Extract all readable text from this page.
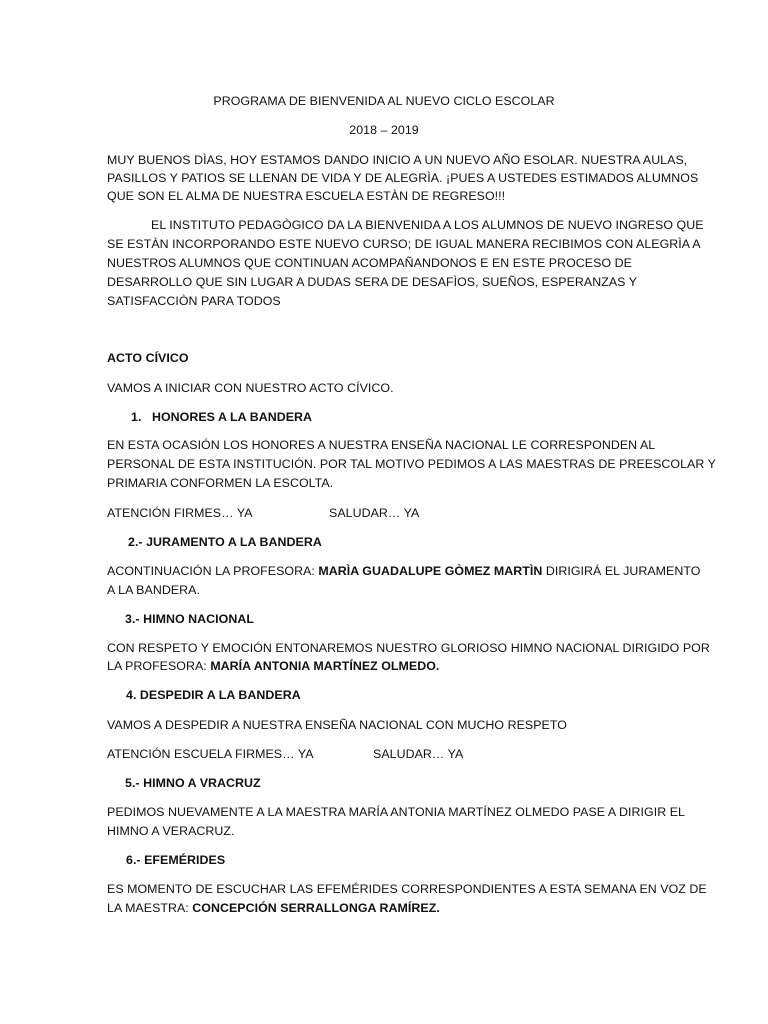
PROGRAMA DE BIENVENIDA AL NUEVO CICLO ESCOLAR
2018 – 2019
MUY BUENOS DÌAS, HOY ESTAMOS DANDO INICIO A UN NUEVO AÑO ESOLAR. NUESTRA AULAS,
PASILLOS Y PATIOS SE LLENAN DE VIDA Y DE ALEGRÌA. ¡PUES A USTEDES ESTIMADOS ALUMNOS
QUE SON EL ALMA DE NUESTRA ESCUELA ESTÀN DE REGRESO!!!
EL INSTITUTO PEDAGÒGICO DA LA BIENVENIDA A LOS ALUMNOS DE NUEVO INGRESO QUE
SE ESTÀN INCORPORANDO ESTE NUEVO CURSO; DE IGUAL MANERA RECIBIMOS CON ALEGRÌA A
NUESTROS ALUMNOS QUE CONTINUAN ACOMPAÑANDONOS E EN ESTE PROCESO DE
DESARROLLO QUE SIN LUGAR A DUDAS SERA DE DESAFÌOS, SUEÑOS, ESPERANZAS Y
SATISFACCIÒN PARA TODOS
ACTO CÍVICO
VAMOS A INICIAR CON NUESTRO ACTO CÍVICO.
1. HONORES A LA BANDERA
EN ESTA OCASIÓN LOS HONORES A NUESTRA ENSEÑA NACIONAL LE CORRESPONDEN AL
PERSONAL DE ESTA INSTITUCIÓN. POR TAL MOTIVO PEDIMOS A LAS MAESTRAS DE PREESCOLAR Y
PRIMARIA CONFORMEN LA ESCOLTA.
ATENCIÓN FIRMES… YA	SALUDAR… YA
2.- JURAMENTO A LA BANDERA
ACONTINUACIÓN LA PROFESORA: MARÌA GUADALUPE GÒMEZ MARTÌN DIRIGIRÁ EL JURAMENTO
A LA BANDERA.
3.- HIMNO NACIONAL
CON RESPETO Y EMOCIÓN ENTONAREMOS NUESTRO GLORIOSO HIMNO NACIONAL DIRIGIDO POR
LA PROFESORA: MARÍA ANTONIA MARTÍNEZ OLMEDO.
4. DESPEDIR A LA BANDERA
VAMOS A DESPEDIR A NUESTRA ENSEÑA NACIONAL CON MUCHO RESPETO
ATENCIÓN ESCUELA FIRMES… YA	SALUDAR… YA
5.- HIMNO A VRACRUZ
PEDIMOS NUEVAMENTE A LA MAESTRA MARÍA ANTONIA MARTÍNEZ OLMEDO PASE A DIRIGIR EL
HIMNO A VERACRUZ.
6.- EFEMÉRIDES
ES MOMENTO DE ESCUCHAR LAS EFEMÉRIDES CORRESPONDIENTES A ESTA SEMANA EN VOZ DE
LA MAESTRA: CONCEPCIÓN SERRALLONGA RAMÍREZ.
